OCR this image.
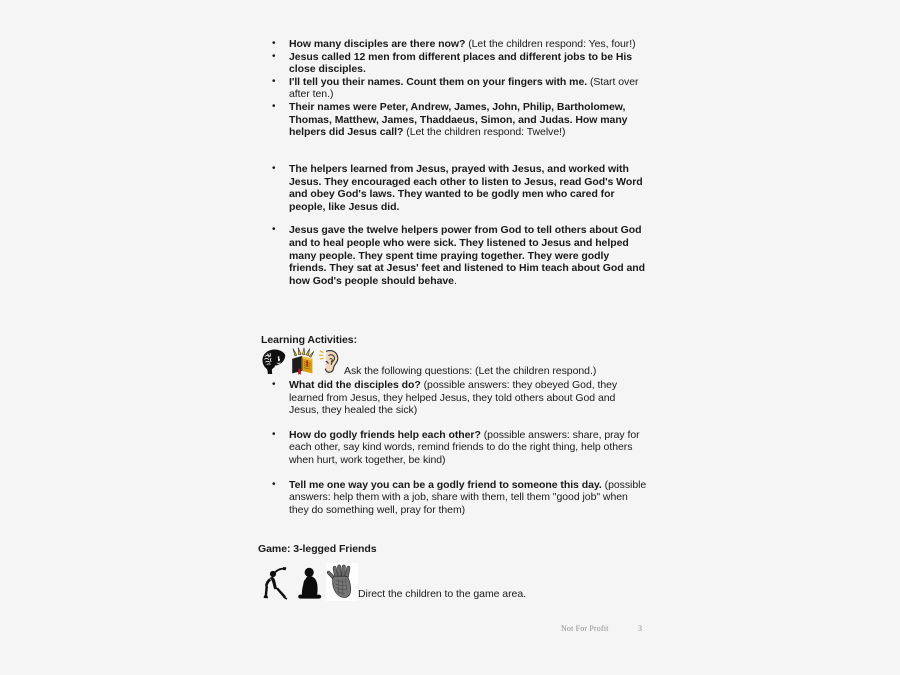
• How many disciples are there now? (Let the children respond: Yes, four!)
• Jesus called 12 men from different places and different jobs to be His close disciples.
• I'll tell you their names. Count them on your fingers with me. (Start over after ten.)
• Their names were Peter, Andrew, James, John, Philip, Bartholomew, Thomas, Matthew, James, Thaddaeus, Simon, and Judas. How many helpers did Jesus call? (Let the children respond: Twelve!)
• The helpers learned from Jesus, prayed with Jesus, and worked with Jesus. They encouraged each other to listen to Jesus, read God's Word and obey God's laws. They wanted to be godly men who cared for people, like Jesus did.
• Jesus gave the twelve helpers power from God to tell others about God and to heal people who were sick. They listened to Jesus and helped many people. They spent time praying together. They were godly friends. They sat at Jesus' feet and listened to Him teach about God and how God's people should behave.
Learning Activities:
Ask the following questions: (Let the children respond.)
• What did the disciples do? (possible answers: they obeyed God, they learned from Jesus, they helped Jesus, they told others about God and Jesus, they healed the sick)
• How do godly friends help each other? (possible answers: share, pray for each other, say kind words, remind friends to do the right thing, help others when hurt, work together, be kind)
• Tell me one way you can be a godly friend to someone this day. (possible answers: help them with a job, share with them, tell them "good job" when they do something well, pray for them)
Game: 3-legged Friends
Direct the children to the game area.
Not For Profit	3
